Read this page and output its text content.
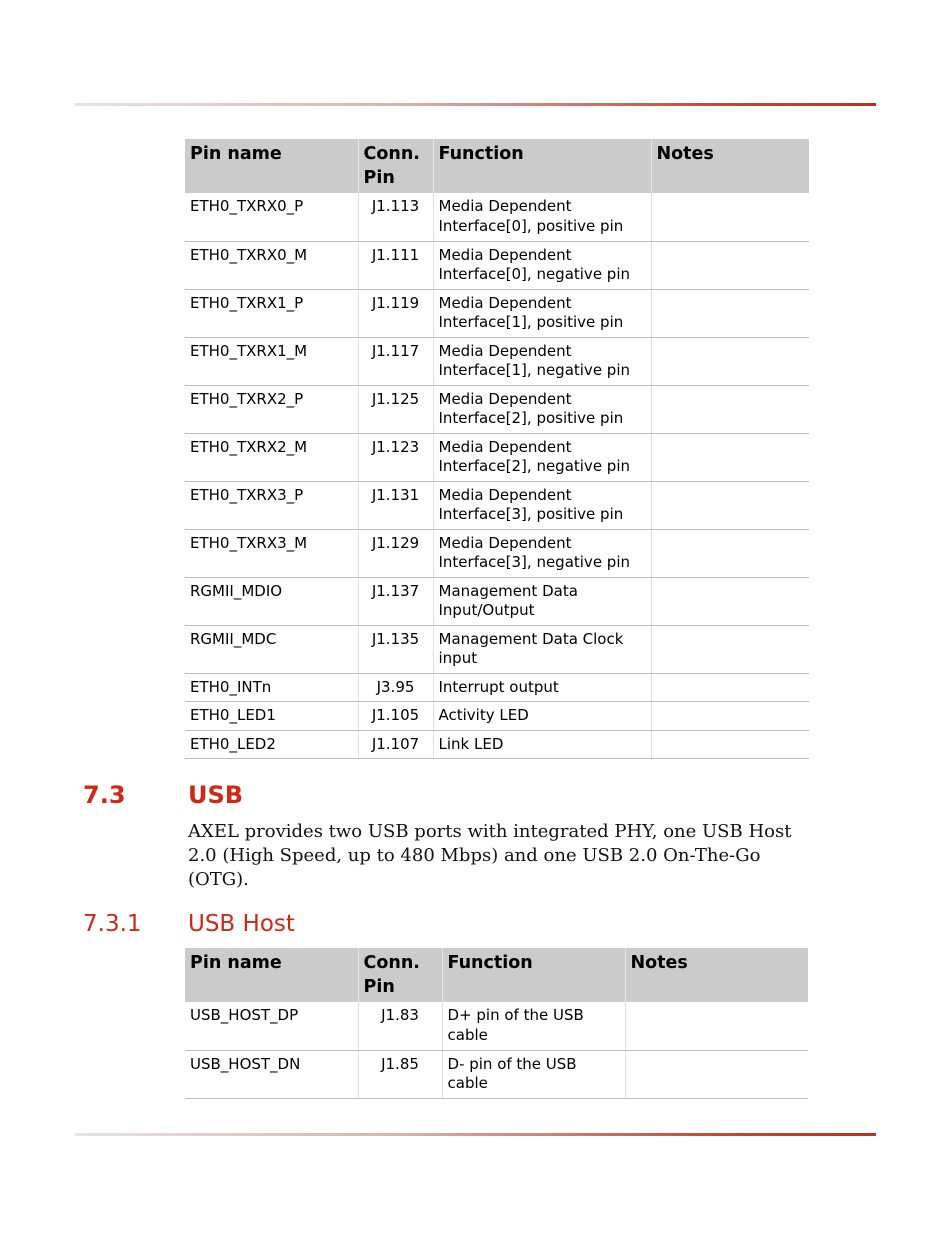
Pin name	Conn. Pin	Function	Notes
ETH0_TXRX0_P	J1.113	Media Dependent Interface[0], positive pin	
ETH0_TXRX0_M	J1.111	Media Dependent Interface[0], negative pin	
ETH0_TXRX1_P	J1.119	Media Dependent Interface[1], positive pin	
ETH0_TXRX1_M	J1.117	Media Dependent Interface[1], negative pin	
ETH0_TXRX2_P	J1.125	Media Dependent Interface[2], positive pin	
ETH0_TXRX2_M	J1.123	Media Dependent Interface[2], negative pin	
ETH0_TXRX3_P	J1.131	Media Dependent Interface[3], positive pin	
ETH0_TXRX3_M	J1.129	Media Dependent Interface[3], negative pin	
RGMII_MDIO	J1.137	Management Data Input/Output	
RGMII_MDC	J1.135	Management Data Clock input	
ETH0_INTn	J3.95	Interrupt output	
ETH0_LED1	J1.105	Activity LED	
ETH0_LED2	J1.107	Link LED	
7.3	USB
AXEL provides two USB ports with integrated PHY, one USB Host 2.0 (High Speed, up to 480 Mbps) and one USB 2.0 On-The-Go (OTG).
7.3.1 USB Host
Pin name	Conn. Pin	Function	Notes
USB_HOST_DP	J1.83	D+ pin of the USB cable	
USB_HOST_DN	J1.85	D- pin of the USB cable	
